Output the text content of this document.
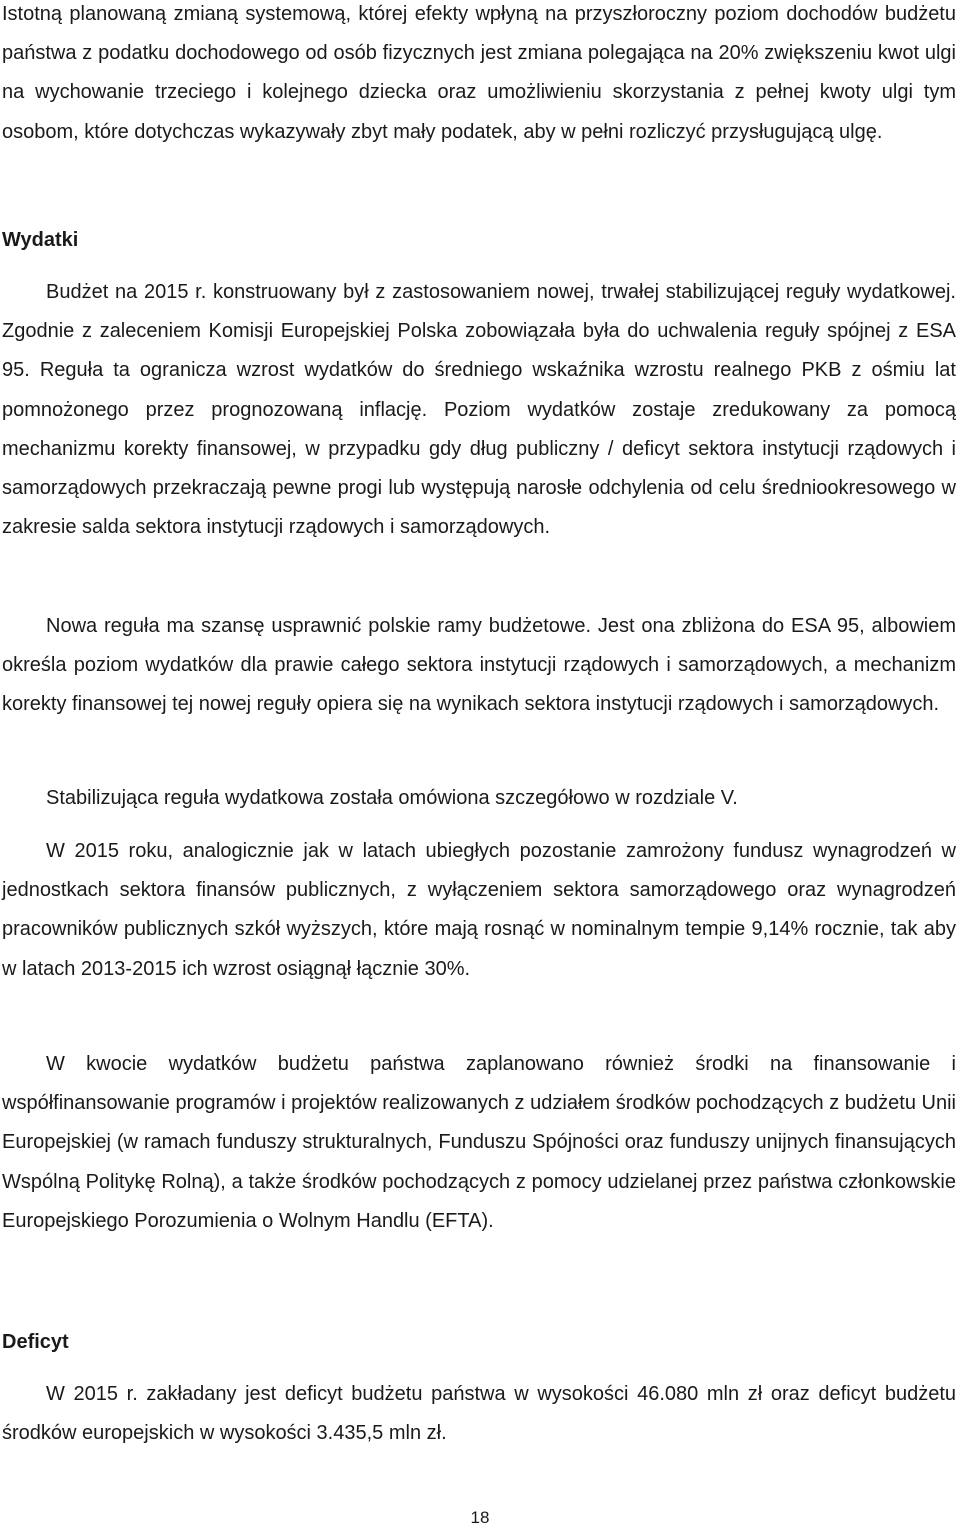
Istotną planowaną zmianą systemową, której efekty wpłyną na przyszłoroczny poziom dochodów budżetu państwa z podatku dochodowego od osób fizycznych jest zmiana polegająca na 20% zwiększeniu kwot ulgi na wychowanie trzeciego i kolejnego dziecka oraz umożliwieniu skorzystania z pełnej kwoty ulgi tym osobom, które dotychczas wykazywały zbyt mały podatek, aby w pełni rozliczyć przysługującą ulgę.

Wydatki

Budżet na 2015 r. konstruowany był z zastosowaniem nowej, trwałej stabilizującej reguły wydatkowej. Zgodnie z zaleceniem Komisji Europejskiej Polska zobowiązała była do uchwalenia reguły spójnej z ESA 95. Reguła ta ogranicza wzrost wydatków do średniego wskaźnika wzrostu realnego PKB z ośmiu lat pomnożonego przez prognozowaną inflację. Poziom wydatków zostaje zredukowany za pomocą mechanizmu korekty finansowej, w przypadku gdy dług publiczny / deficyt sektora instytucji rządowych i samorządowych przekraczają pewne progi lub występują narosłe odchylenia od celu średniookresowego w zakresie salda sektora instytucji rządowych i samorządowych.

Nowa reguła ma szansę usprawnić polskie ramy budżetowe. Jest ona zbliżona do ESA 95, albowiem określa poziom wydatków dla prawie całego sektora instytucji rządowych i samorządowych, a mechanizm korekty finansowej tej nowej reguły opiera się na wynikach sektora instytucji rządowych i samorządowych.

Stabilizująca reguła wydatkowa została omówiona szczegółowo w rozdziale V.

W 2015 roku, analogicznie jak w latach ubiegłych pozostanie zamrożony fundusz wynagrodzeń w jednostkach sektora finansów publicznych, z wyłączeniem sektora samorządowego oraz wynagrodzeń pracowników publicznych szkół wyższych, które mają rosnąć w nominalnym tempie 9,14% rocznie, tak aby w latach 2013-2015 ich wzrost osiągnął łącznie 30%.

W kwocie wydatków budżetu państwa zaplanowano również środki na finansowanie i współfinansowanie programów i projektów realizowanych z udziałem środków pochodzących z budżetu Unii Europejskiej (w ramach funduszy strukturalnych, Funduszu Spójności oraz funduszy unijnych finansujących Wspólną Politykę Rolną), a także środków pochodzących z pomocy udzielanej przez państwa członkowskie Europejskiego Porozumienia o Wolnym Handlu (EFTA).

Deficyt

W 2015 r. zakładany jest deficyt budżetu państwa w wysokości 46.080 mln zł oraz deficyt budżetu środków europejskich w wysokości 3.435,5 mln zł.

18
